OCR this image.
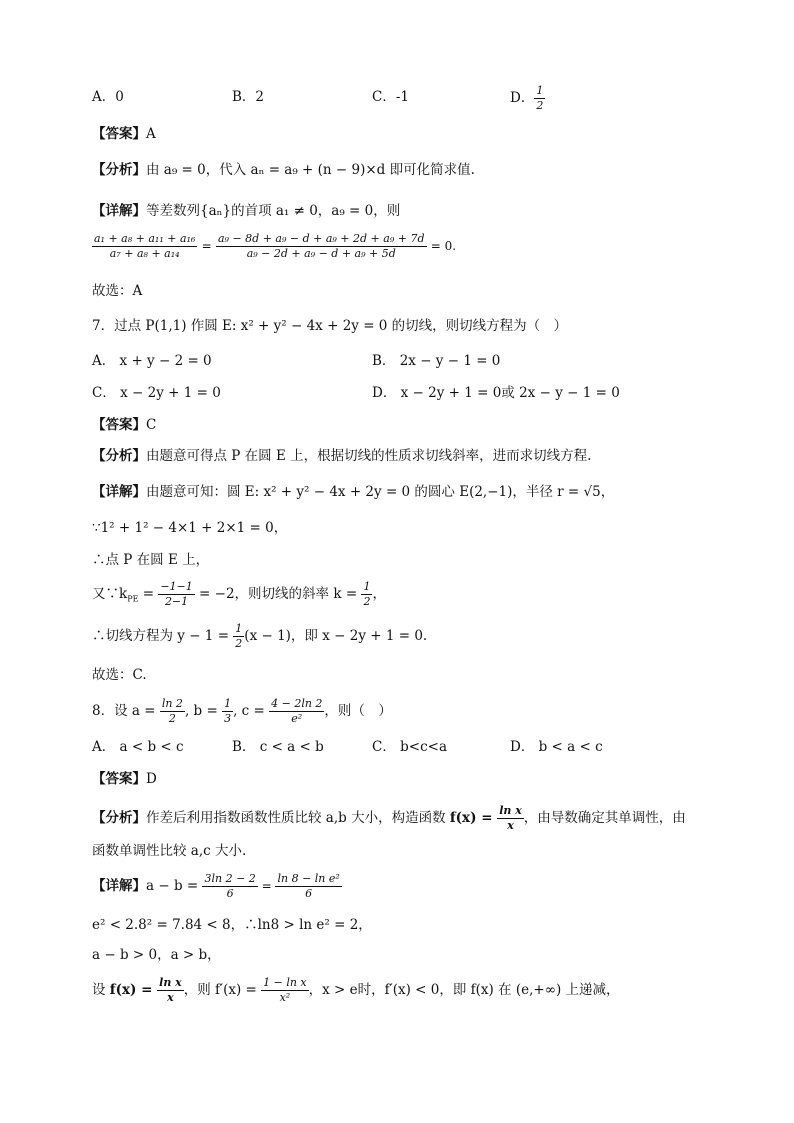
A．0	B．2	C．-1	D． $\frac{1}{2}$
【答案】A
【分析】由 a₉ = 0，代入 aₙ = a₉ + (n − 9)×d 即可化简求值.
【详解】等差数列{aₙ}的首项 a₁ ≠ 0，a₉ = 0，则
$\frac{\text{a₁ + a₈ + a₁₁ + a₁₆}}{\text{a₇ + a₈ + a₁₄}} = \frac{\text{a₉ − 8d + a₉ − d + a₉ + 2d + a₉ + 7d}}{\text{a₉ − 2d + a₉ − d + a₉ + 5d}} = 0$.
故选：A
7．过点 P(1,1) 作圆 E: x² + y² − 4x + 2y = 0 的切线，则切线方程为（　）
A． x + y − 2 = 0	B． 2x − y − 1 = 0
C． x − 2y + 1 = 0	D． x − 2y + 1 = 0或 2x − y − 1 = 0
【答案】C
【分析】由题意可得点 P 在圆 E 上，根据切线的性质求切线斜率，进而求切线方程.
【详解】由题意可知：圆 E: x² + y² − 4x + 2y = 0 的圆心 E(2,−1)，半径 r = √5，
∵1² + 1² − 4×1 + 2×1 = 0，
∴点 P 在圆 E 上，
又$\because k_{PE} = \frac{-1-1}{2-1} = -2$，则切线的斜率 $k = \frac{1}{2}$ ，
∴切线方程为 $y - 1 = \frac{1}{2} (x - 1)$，即 x − 2y + 1 = 0.
故选：C.
8．设 $a = \frac{\ln 2}{2}$ , $b = \frac{1}{3}$ , $c = \frac{4 - 2\ln 2}{\text{e²}}$ ，则（　）
A． a < b < c	B． c < a < b	C． b<c<a	D． b < a < c
【答案】D
【分析】作差后利用指数函数性质比较 a,b 大小，构造函数 $f(x) = \frac{\text{ln x}}{x}$ ，由导数确定其单调性，由
函数单调性比较 a,c 大小.
【详解】$a - b = \frac{3\ln 2 - 2}{6} = \frac{\text{ln 8 − ln e²}}{6}$
e² < 2.8² = 7.84 < 8，∴ln8 > ln e² = 2，
a − b > 0，a > b，
设 $f(x) = \frac{\text{ln x}}{x}$ ，则 $f'(x) = \frac{\text{1 − ln x}}{\text{x²}}$ ，x > e时，f′(x) < 0，即 f(x) 在 (e,+∞) 上递减，
